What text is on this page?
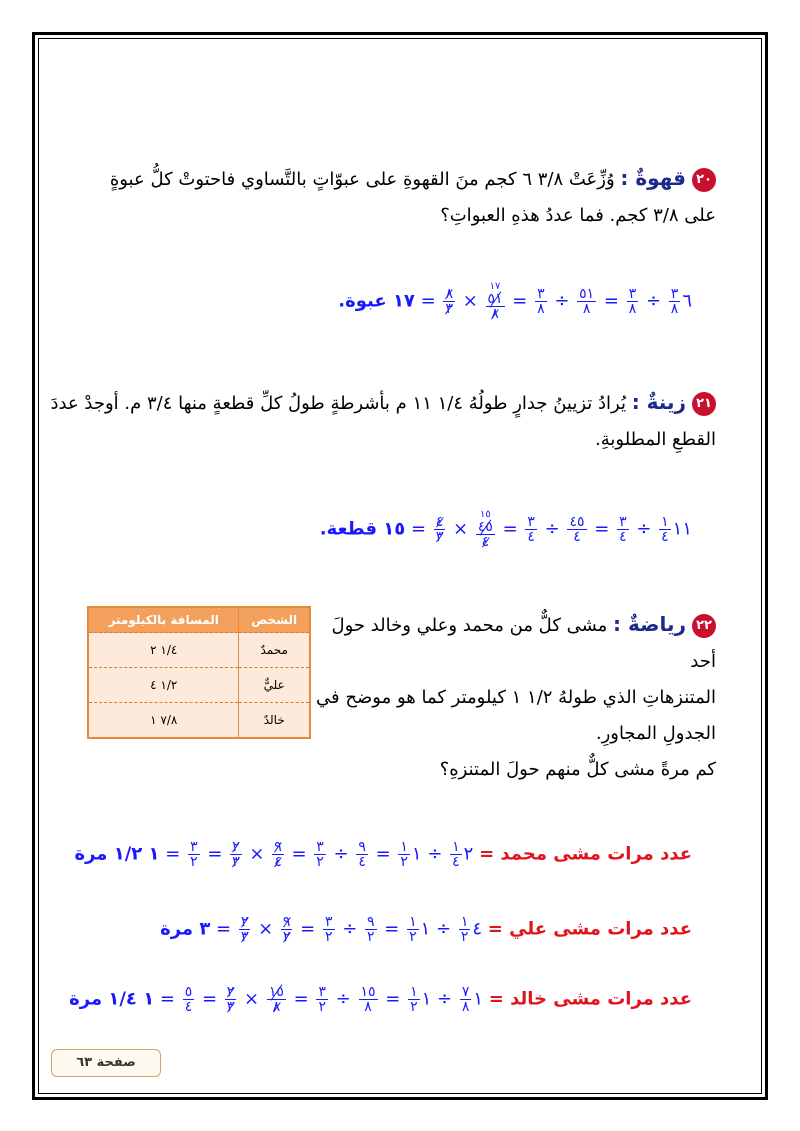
٢٠قهوةٌ : وُزِّعَتْ ٣/٨ ٦ كجم منَ القهوةِ على عبوّاتٍ بالتَّساوي فاحتوتْ كلُّ عبوةٍ
على ٣/٨ كجم. فما عددُ هذهِ العبواتِ؟
٦
$\frac{٣}{٨}$
÷
$\frac{٣}{٨}$
=
$\frac{٥١}{٨}$
÷
$\frac{٣}{٨}$
=
١٧
٥١
٨
×
$\frac{٨}{٣}$
= ١٧ عبوة.
٢١زينةٌ : يُرادُ تزيينُ جدارٍ طولُهُ ١/٤ ١١ م بأشرطةٍ طولُ كلِّ قطعةٍ منها ٣/٤ م. أوجدْ عددَ
القطعِ المطلوبةِ.
١١
$\frac{١}{٤}$
÷
$\frac{٣}{٤}$
=
$\frac{٤٥}{٤}$
÷
$\frac{٣}{٤}$
=
١٥
٤٥
٤
×
$\frac{٤}{٣}$
= ١٥ قطعة.
٢٢رياضةٌ : مشى كلٌّ من محمد وعلي وخالد حولَ أحد
المتنزهاتِ الذي طولهُ ١/٢ ١ كيلومتر كما هو موضح في
الجدولِ المجاورِ.
كم مرةً مشى كلٌّ منهم حولَ المتنزهِ؟
الشخص	المسافة بالكيلومتر
محمدٌ	١/٤ ٢
عليٌّ	١/٢ ٤
خالدٌ	٧/٨ ١
عدد مرات مشى محمد = ٢
$\frac{١}{٤}$
÷ ١
$\frac{١}{٢}$
=
$\frac{٩}{٤}$
÷
$\frac{٣}{٢}$
=
$\frac{٩}{٤}$
×
$\frac{٢}{٣}$
=
$\frac{٣}{٢}$
= ١ ١/٢ مرة
عدد مرات مشى علي = ٤
$\frac{١}{٢}$
÷ ١
$\frac{١}{٢}$
=
$\frac{٩}{٢}$
÷
$\frac{٣}{٢}$
=
$\frac{٩}{٢}$
×
$\frac{٢}{٣}$
= ٣ مرة
عدد مرات مشى خالد = ١
$\frac{٧}{٨}$
÷ ١
$\frac{١}{٢}$
=
$\frac{١٥}{٨}$
÷
$\frac{٣}{٢}$
=
$\frac{١٥}{٨}$
×
$\frac{٢}{٣}$
=
$\frac{٥}{٤}$
= ١ ١/٤ مرة
صفحة ٦٣
